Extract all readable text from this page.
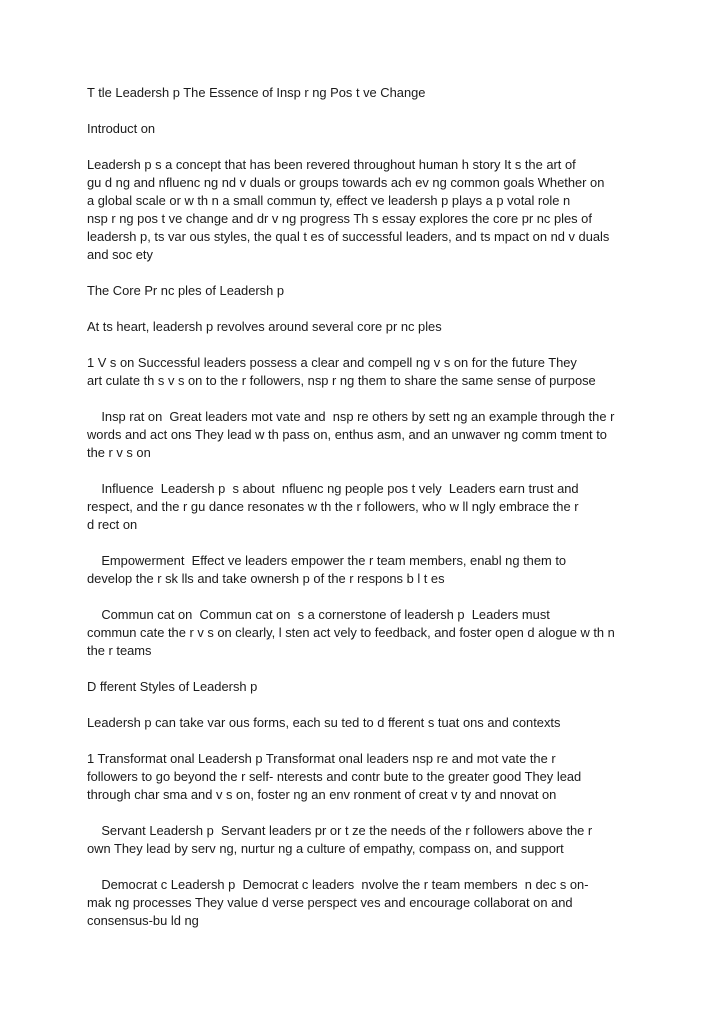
T tle Leadersh p The Essence of Insp r ng Pos t ve Change

Introduct on

Leadersh p s a concept that has been revered throughout human h story It s the art of
gu d ng and nfluenc ng nd v duals or groups towards ach ev ng common goals Whether on
a global scale or w th n a small commun ty, effect ve leadersh p plays a p votal role n
nsp r ng pos t ve change and dr v ng progress Th s essay explores the core pr nc ples of
leadersh p, ts var ous styles, the qual t es of successful leaders, and ts mpact on nd v duals
and soc ety

The Core Pr nc ples of Leadersh p

At ts heart, leadersh p revolves around several core pr nc ples

1 V s on Successful leaders possess a clear and compell ng v s on for the future They
art culate th s v s on to the r followers, nsp r ng them to share the same sense of purpose

Insp rat on  Great leaders mot vate and  nsp re others by sett ng an example through the r
words and act ons They lead w th pass on, enthus asm, and an unwaver ng comm tment to
the r v s on

Influence  Leadersh p  s about  nfluenc ng people pos t vely  Leaders earn trust and
respect, and the r gu dance resonates w th the r followers, who w ll ngly embrace the r
d rect on

Empowerment  Effect ve leaders empower the r team members, enabl ng them to
develop the r sk lls and take ownersh p of the r respons b l t es

Commun cat on  Commun cat on  s a cornerstone of leadersh p  Leaders must
commun cate the r v s on clearly, l sten act vely to feedback, and foster open d alogue w th n
the r teams

D fferent Styles of Leadersh p

Leadersh p can take var ous forms, each su ted to d fferent s tuat ons and contexts

1 Transformat onal Leadersh p Transformat onal leaders nsp re and mot vate the r
followers to go beyond the r self- nterests and contr bute to the greater good They lead
through char sma and v s on, foster ng an env ronment of creat v ty and nnovat on

Servant Leadersh p  Servant leaders pr or t ze the needs of the r followers above the r
own They lead by serv ng, nurtur ng a culture of empathy, compass on, and support

Democrat c Leadersh p  Democrat c leaders  nvolve the r team members  n dec s on-
mak ng processes They value d verse perspect ves and encourage collaborat on and
consensus-bu ld ng
